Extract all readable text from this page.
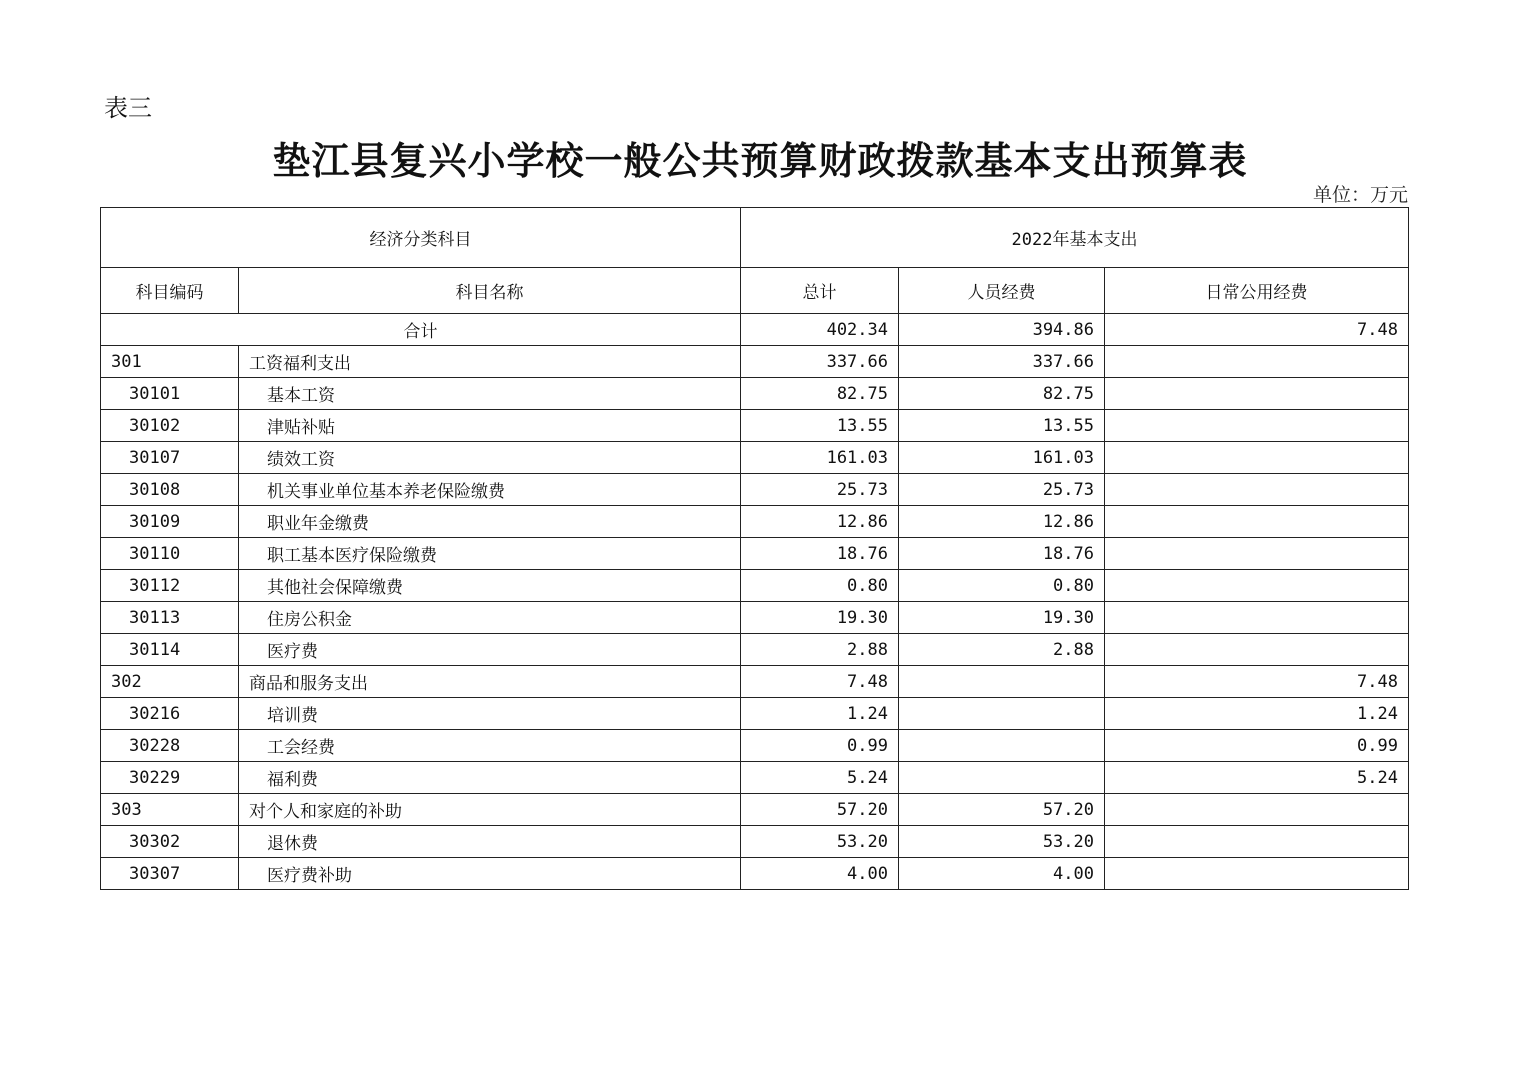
表三
垫江县复兴小学校一般公共预算财政拨款基本支出预算表
单位：万元
经济分类科目		2022年基本支出		
科目编码	科目名称	总计	人员经费	日常公用经费
合计		402.34	394.86	7.48
301	工资福利支出	337.66	337.66	
30101	基本工资	82.75	82.75	
30102	津贴补贴	13.55	13.55	
30107	绩效工资	161.03	161.03	
30108	机关事业单位基本养老保险缴费	25.73	25.73	
30109	职业年金缴费	12.86	12.86	
30110	职工基本医疗保险缴费	18.76	18.76	
30112	其他社会保障缴费	0.80	0.80	
30113	住房公积金	19.30	19.30	
30114	医疗费	2.88	2.88	
302	商品和服务支出	7.48		7.48
30216	培训费	1.24		1.24
30228	工会经费	0.99		0.99
30229	福利费	5.24		5.24
303	对个人和家庭的补助	57.20	57.20	
30302	退休费	53.20	53.20	
30307	医疗费补助	4.00	4.00	
